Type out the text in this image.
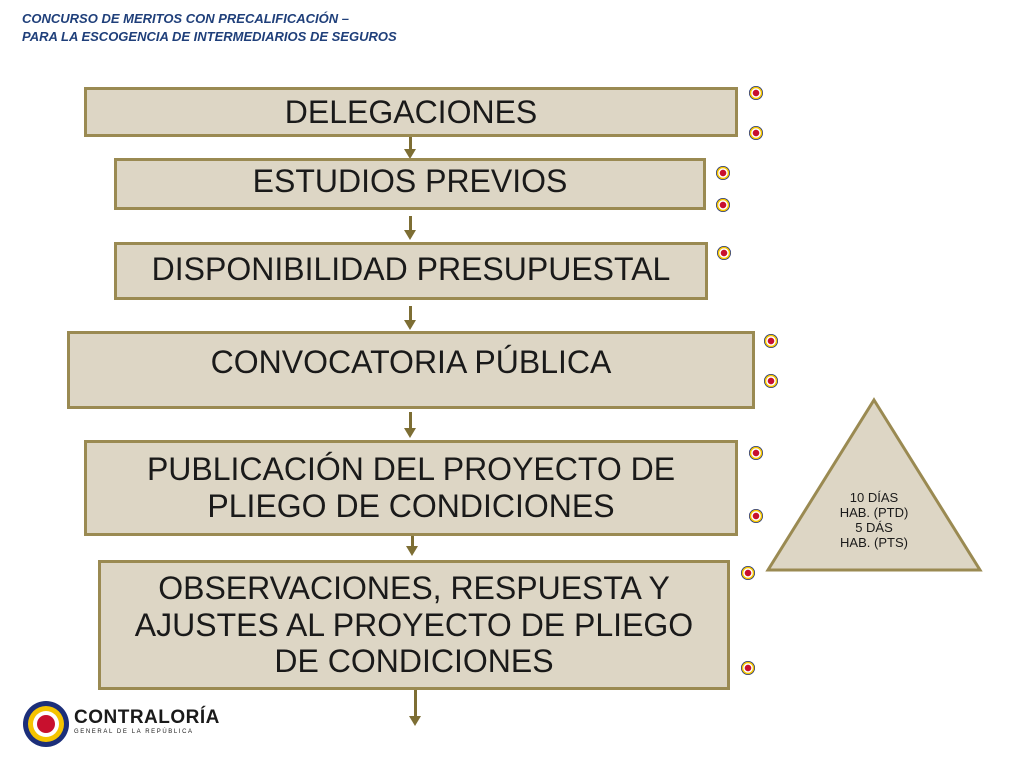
CONCURSO DE MERITOS CON PRECALIFICACIÓN –
PARA LA ESCOGENCIA DE INTERMEDIARIOS DE SEGUROS
DELEGACIONES
ESTUDIOS PREVIOS
DISPONIBILIDAD PRESUPUESTAL
CONVOCATORIA PÚBLICA
PUBLICACIÓN DEL PROYECTO DE
PLIEGO DE CONDICIONES
OBSERVACIONES, RESPUESTA Y
AJUSTES AL PROYECTO DE PLIEGO
DE CONDICIONES
10 DÍAS
HAB. (PTD)
5 DÁS
HAB. (PTS)
CONTRALORÍA
GENERAL DE LA REPÚBLICA
